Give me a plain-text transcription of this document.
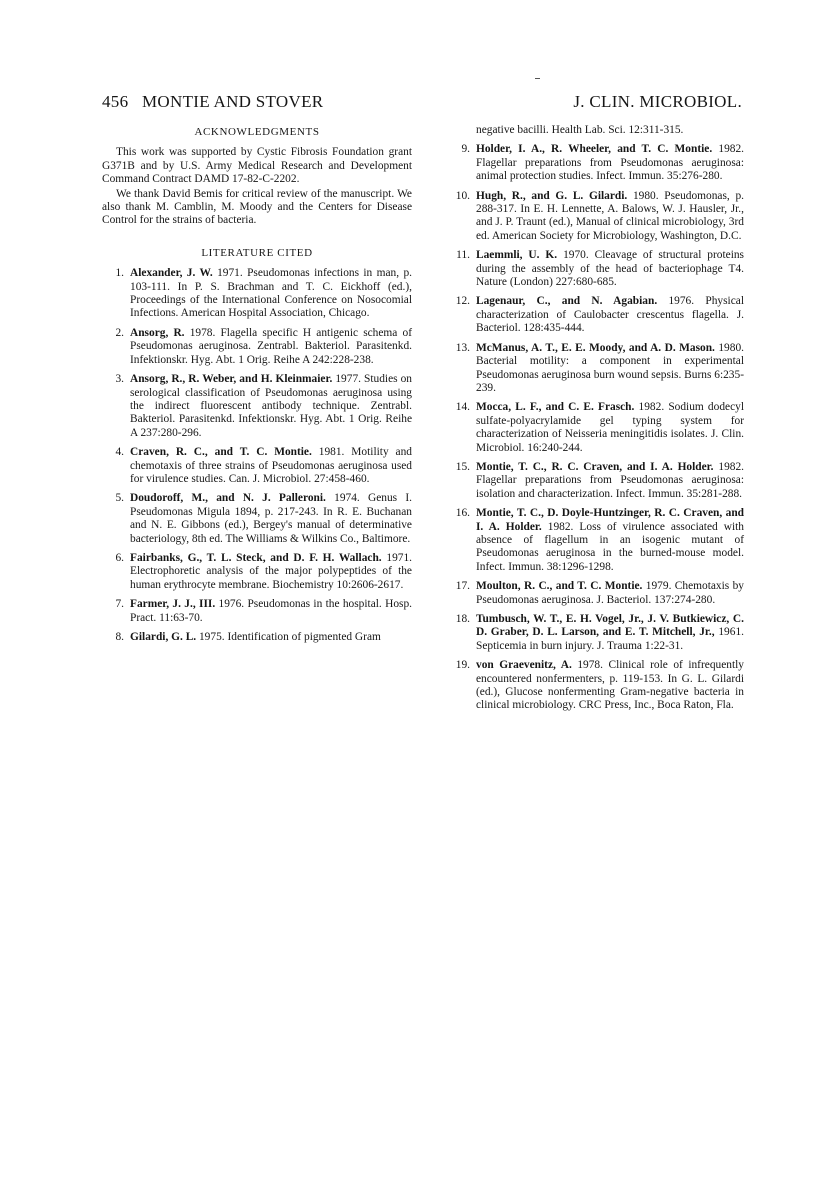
456 MONTIE AND STOVER	J. CLIN. MICROBIOL.
ACKNOWLEDGMENTS

This work was supported by Cystic Fibrosis Foundation grant G371B and by U.S. Army Medical Research and Development Command Contract DAMD 17-82-C-2202.

We thank David Bemis for critical review of the manuscript. We also thank M. Camblin, M. Moody and the Centers for Disease Control for the strains of bacteria.

LITERATURE CITED
1. Alexander, J. W. 1971. Pseudomonas infections in man, p. 103-111. In P. S. Brachman and T. C. Eickhoff (ed.), Proceedings of the International Conference on Nosocomial Infections. American Hospital Association, Chicago.
2. Ansorg, R. 1978. Flagella specific H antigenic schema of Pseudomonas aeruginosa. Zentrabl. Bakteriol. Parasitenkd. Infektionskr. Hyg. Abt. 1 Orig. Reihe A 242:228-238.
3. Ansorg, R., R. Weber, and H. Kleinmaier. 1977. Studies on serological classification of Pseudomonas aeruginosa using the indirect fluorescent antibody technique. Zentrabl. Bakteriol. Parasitenkd. Infektionskr. Hyg. Abt. 1 Orig. Reihe A 237:280-296.
4. Craven, R. C., and T. C. Montie. 1981. Motility and chemotaxis of three strains of Pseudomonas aeruginosa used for virulence studies. Can. J. Microbiol. 27:458-460.
5. Doudoroff, M., and N. J. Palleroni. 1974. Genus I. Pseudomonas Migula 1894, p. 217-243. In R. E. Buchanan and N. E. Gibbons (ed.), Bergey's manual of determinative bacteriology, 8th ed. The Williams & Wilkins Co., Baltimore.
6. Fairbanks, G., T. L. Steck, and D. F. H. Wallach. 1971. Electrophoretic analysis of the major polypeptides of the human erythrocyte membrane. Biochemistry 10:2606-2617.
7. Farmer, J. J., III. 1976. Pseudomonas in the hospital. Hosp. Pract. 11:63-70.
8. Gilardi, G. L. 1975. Identification of pigmented Gram
negative bacilli. Health Lab. Sci. 12:311-315.
9. Holder, I. A., R. Wheeler, and T. C. Montie. 1982. Flagellar preparations from Pseudomonas aeruginosa: animal protection studies. Infect. Immun. 35:276-280.
10. Hugh, R., and G. L. Gilardi. 1980. Pseudomonas, p. 288-317. In E. H. Lennette, A. Balows, W. J. Hausler, Jr., and J. P. Traunt (ed.), Manual of clinical microbiology, 3rd ed. American Society for Microbiology, Washington, D.C.
11. Laemmli, U. K. 1970. Cleavage of structural proteins during the assembly of the head of bacteriophage T4. Nature (London) 227:680-685.
12. Lagenaur, C., and N. Agabian. 1976. Physical characterization of Caulobacter crescentus flagella. J. Bacteriol. 128:435-444.
13. McManus, A. T., E. E. Moody, and A. D. Mason. 1980. Bacterial motility: a component in experimental Pseudomonas aeruginosa burn wound sepsis. Burns 6:235-239.
14. Mocca, L. F., and C. E. Frasch. 1982. Sodium dodecyl sulfate-polyacrylamide gel typing system for characterization of Neisseria meningitidis isolates. J. Clin. Microbiol. 16:240-244.
15. Montie, T. C., R. C. Craven, and I. A. Holder. 1982. Flagellar preparations from Pseudomonas aeruginosa: isolation and characterization. Infect. Immun. 35:281-288.
16. Montie, T. C., D. Doyle-Huntzinger, R. C. Craven, and I. A. Holder. 1982. Loss of virulence associated with absence of flagellum in an isogenic mutant of Pseudomonas aeruginosa in the burned-mouse model. Infect. Immun. 38:1296-1298.
17. Moulton, R. C., and T. C. Montie. 1979. Chemotaxis by Pseudomonas aeruginosa. J. Bacteriol. 137:274-280.
18. Tumbusch, W. T., E. H. Vogel, Jr., J. V. Butkiewicz, C. D. Graber, D. L. Larson, and E. T. Mitchell, Jr., 1961. Septicemia in burn injury. J. Trauma 1:22-31.
19. von Graevenitz, A. 1978. Clinical role of infrequently encountered nonfermenters, p. 119-153. In G. L. Gilardi (ed.), Glucose nonfermenting Gram-negative bacteria in clinical microbiology. CRC Press, Inc., Boca Raton, Fla.
